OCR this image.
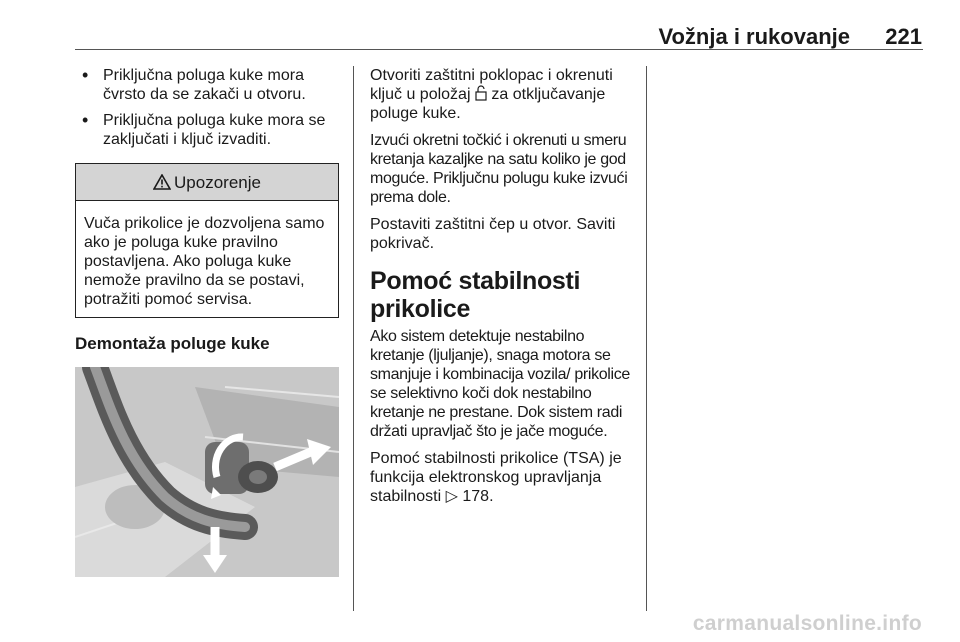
Vožnja i rukovanje 221
• Priključna poluga kuke mora čvrsto da se zakači u otvoru.
• Priključna poluga kuke mora se zaključati i ključ izvaditi.
Upozorenje
Vuča prikolice je dozvoljena samo ako je poluga kuke pravilno postavljena. Ako poluga kuke nemože pravilno da se postavi, potražiti pomoć servisa.
Demontaža poluge kuke
Otvoriti zaštitni poklopac i okrenuti ključ u položaj  za otključavanje poluge kuke.
Izvući okretni točkić i okrenuti u smeru kretanja kazaljke na satu koliko je god moguće. Priključnu polugu kuke izvući prema dole.
Postaviti zaštitni čep u otvor. Saviti pokrivač.
Pomoć stabilnosti prikolice
Ako sistem detektuje nestabilno kretanje (ljuljanje), snaga motora se smanjuje i kombinacija vozila/ prikolice se selektivno koči dok nestabilno kretanje ne prestane. Dok sistem radi držati upravljač što je jače moguće.
Pomoć stabilnosti prikolice (TSA) je funkcija elektronskog upravljanja stabilnosti ▷ 178.
carmanualsonline.info
